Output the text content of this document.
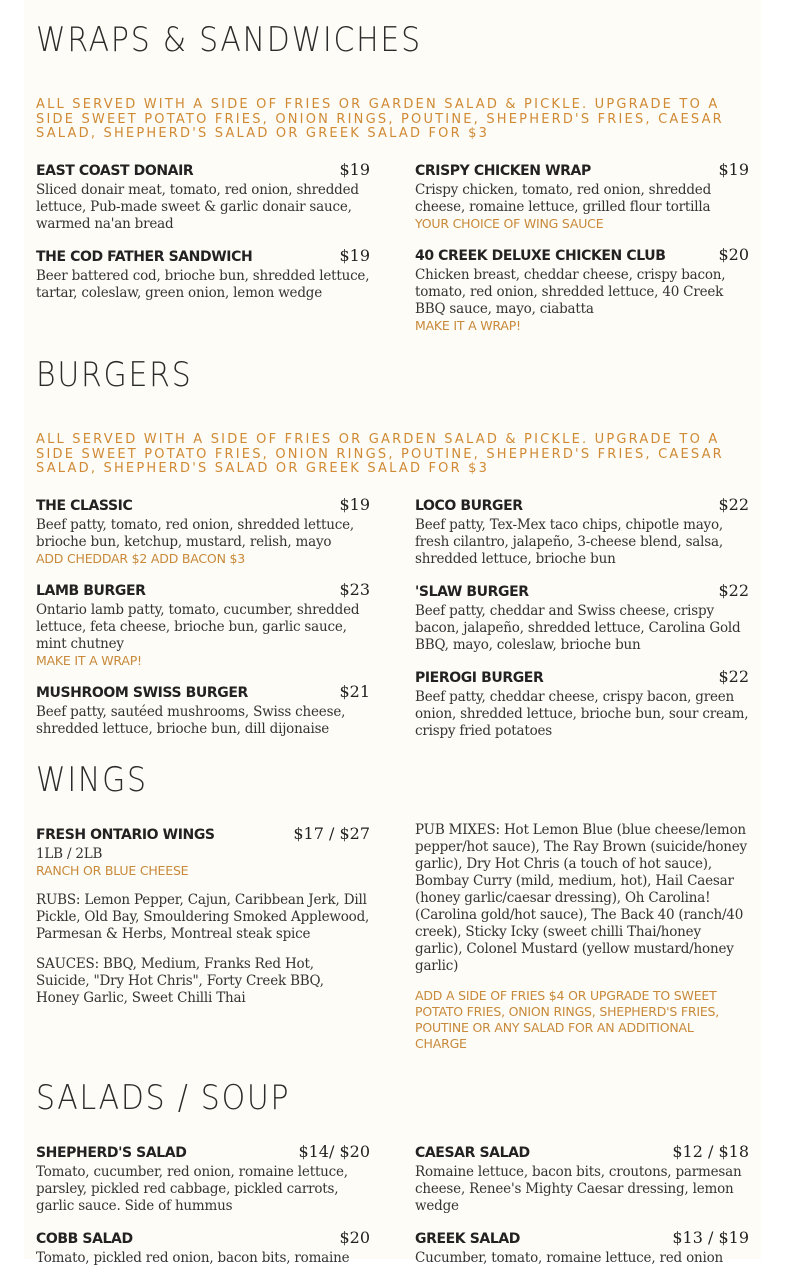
WRAPS & SANDWICHES

ALL SERVED WITH A SIDE OF FRIES OR GARDEN SALAD & PICKLE. UPGRADE TO A SIDE SWEET POTATO FRIES, ONION RINGS, POUTINE, SHEPHERD'S FRIES, CAESAR SALAD, SHEPHERD'S SALAD OR GREEK SALAD FOR $3

EAST COAST DONAIR	$19
Sliced donair meat, tomato, red onion, shredded lettuce, Pub-made sweet & garlic donair sauce, warmed na'an bread
CRISPY CHICKEN WRAP	$19
Crispy chicken, tomato, red onion, shredded cheese, romaine lettuce, grilled flour tortilla
YOUR CHOICE OF WING SAUCE
THE COD FATHER SANDWICH	$19
Beer battered cod, brioche bun, shredded lettuce, tartar, coleslaw, green onion, lemon wedge
40 CREEK DELUXE CHICKEN CLUB	$20
Chicken breast, cheddar cheese, crispy bacon, tomato, red onion, shredded lettuce, 40 Creek BBQ sauce, mayo, ciabatta
MAKE IT A WRAP!
BURGERS

ALL SERVED WITH A SIDE OF FRIES OR GARDEN SALAD & PICKLE. UPGRADE TO A SIDE SWEET POTATO FRIES, ONION RINGS, POUTINE, SHEPHERD'S FRIES, CAESAR SALAD, SHEPHERD'S SALAD OR GREEK SALAD FOR $3

THE CLASSIC	$19
Beef patty, tomato, red onion, shredded lettuce, brioche bun, ketchup, mustard, relish, mayo
ADD CHEDDAR $2 ADD BACON $3
LOCO BURGER	$22
Beef patty, Tex-Mex taco chips, chipotle mayo, fresh cilantro, jalapeño, 3-cheese blend, salsa, shredded lettuce, brioche bun
LAMB BURGER	$23
Ontario lamb patty, tomato, cucumber, shredded lettuce, feta cheese, brioche bun, garlic sauce, mint chutney
MAKE IT A WRAP!
'SLAW BURGER	$22
Beef patty, cheddar and Swiss cheese, crispy bacon, jalapeño, shredded lettuce, Carolina Gold BBQ, mayo, coleslaw, brioche bun
MUSHROOM SWISS BURGER	$21
Beef patty, sautéed mushrooms, Swiss cheese, shredded lettuce, brioche bun, dill dijonaise
PIEROGI BURGER	$22
Beef patty, cheddar cheese, crispy bacon, green onion, shredded lettuce, brioche bun, sour cream, crispy fried potatoes
WINGS
FRESH ONTARIO WINGS	$17 / $27
1LB / 2LB
RANCH OR BLUE CHEESE
RUBS: Lemon Pepper, Cajun, Caribbean Jerk, Dill Pickle, Old Bay, Smouldering Smoked Applewood, Parmesan & Herbs, Montreal steak spice
SAUCES: BBQ, Medium, Franks Red Hot, Suicide, "Dry Hot Chris", Forty Creek BBQ, Honey Garlic, Sweet Chilli Thai
PUB MIXES: Hot Lemon Blue (blue cheese/lemon pepper/hot sauce), The Ray Brown (suicide/honey garlic), Dry Hot Chris (a touch of hot sauce), Bombay Curry (mild, medium, hot), Hail Caesar (honey garlic/caesar dressing), Oh Carolina! (Carolina gold/hot sauce), The Back 40 (ranch/40 creek), Sticky Icky (sweet chilli Thai/honey garlic), Colonel Mustard (yellow mustard/honey garlic)
ADD A SIDE OF FRIES $4 OR UPGRADE TO SWEET POTATO FRIES, ONION RINGS, SHEPHERD'S FRIES, POUTINE OR ANY SALAD FOR AN ADDITIONAL CHARGE
SALADS / SOUP
SHEPHERD'S SALAD	$14/ $20
Tomato, cucumber, red onion, romaine lettuce, parsley, pickled red cabbage, pickled carrots, garlic sauce. Side of hummus
CAESAR SALAD	$12 / $18
Romaine lettuce, bacon bits, croutons, parmesan cheese, Renee's Mighty Caesar dressing, lemon wedge
COBB SALAD	$20
Tomato, pickled red onion, bacon bits, romaine
GREEK SALAD	$13 / $19
Cucumber, tomato, romaine lettuce, red onion
